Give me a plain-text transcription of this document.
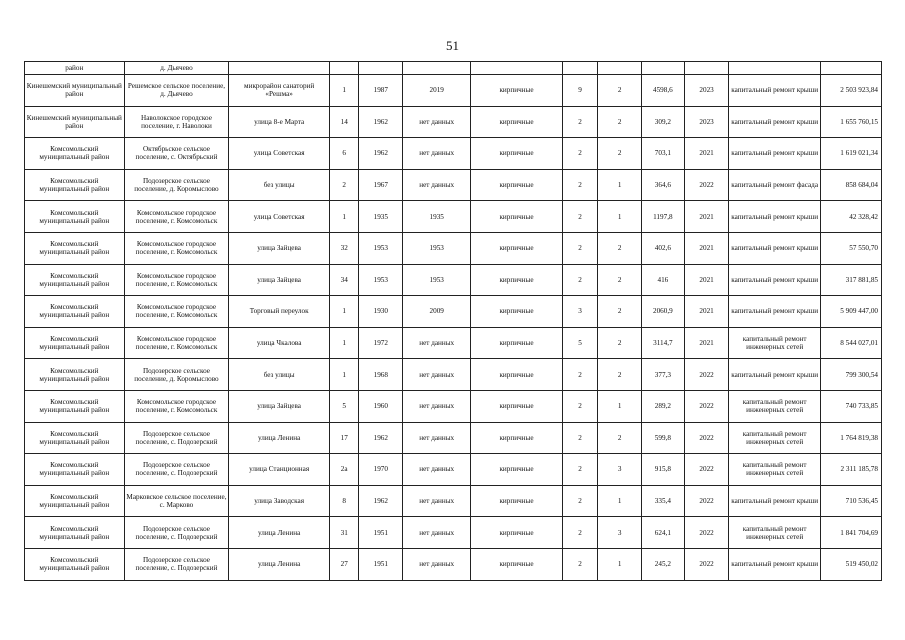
51
район	д. Дьячево											
Кинешемский муниципальный район	Решемское сельское поселение, д. Дьячево	микрорайон санаторий «Решма»	1	1987	2019	кирпичные	9	2	4598,6	2023	капитальный ремонт крыши	2 503 923,84
Кинешемский муниципальный район	Наволокское городское поселение, г. Наволоки	улица 8-е Марта	14	1962	нет данных	кирпичные	2	2	309,2	2023	капитальный ремонт крыши	1 655 760,15
Комсомольский муниципальный район	Октябрьское сельское поселение, с. Октябрьский	улица Советская	6	1962	нет данных	кирпичные	2	2	703,1	2021	капитальный ремонт крыши	1 619 021,34
Комсомольский муниципальный район	Подозерское сельское поселение, д. Коромыслово	без улицы	2	1967	нет данных	кирпичные	2	1	364,6	2022	капитальный ремонт фасада	858 684,04
Комсомольский муниципальный район	Комсомольское городское поселение, г. Комсомольск	улица Советская	1	1935	1935	кирпичные	2	1	1197,8	2021	капитальный ремонт крыши	42 328,42
Комсомольский муниципальный район	Комсомольское городское поселение, г. Комсомольск	улица Зайцева	32	1953	1953	кирпичные	2	2	402,6	2021	капитальный ремонт крыши	57 550,70
Комсомольский муниципальный район	Комсомольское городское поселение, г. Комсомольск	улица Зайцева	34	1953	1953	кирпичные	2	2	416	2021	капитальный ремонт крыши	317 881,85
Комсомольский муниципальный район	Комсомольское городское поселение, г. Комсомольск	Торговый переулок	1	1930	2009	кирпичные	3	2	2060,9	2021	капитальный ремонт крыши	5 909 447,00
Комсомольский муниципальный район	Комсомольское городское поселение, г. Комсомольск	улица Чкалова	1	1972	нет данных	кирпичные	5	2	3114,7	2021	капитальный ремонт инженерных сетей	8 544 027,01
Комсомольский муниципальный район	Подозерское сельское поселение, д. Коромыслово	без улицы	1	1968	нет данных	кирпичные	2	2	377,3	2022	капитальный ремонт крыши	799 300,54
Комсомольский муниципальный район	Комсомольское городское поселение, г. Комсомольск	улица Зайцева	5	1960	нет данных	кирпичные	2	1	289,2	2022	капитальный ремонт инженерных сетей	740 733,85
Комсомольский муниципальный район	Подозерское сельское поселение, с. Подозерский	улица Ленина	17	1962	нет данных	кирпичные	2	2	599,8	2022	капитальный ремонт инженерных сетей	1 764 819,38
Комсомольский муниципальный район	Подозерское сельское поселение, с. Подозерский	улица Станционная	2а	1970	нет данных	кирпичные	2	3	915,8	2022	капитальный ремонт инженерных сетей	2 311 185,78
Комсомольский муниципальный район	Марковское сельское поселение, с. Марково	улица Заводская	8	1962	нет данных	кирпичные	2	1	335,4	2022	капитальный ремонт крыши	710 536,45
Комсомольский муниципальный район	Подозерское сельское поселение, с. Подозерский	улица Ленина	31	1951	нет данных	кирпичные	2	3	624,1	2022	капитальный ремонт инженерных сетей	1 841 704,69
Комсомольский муниципальный район	Подозерское сельское поселение, с. Подозерский	улица Ленина	27	1951	нет данных	кирпичные	2	1	245,2	2022	капитальный ремонт крыши	519 450,02
